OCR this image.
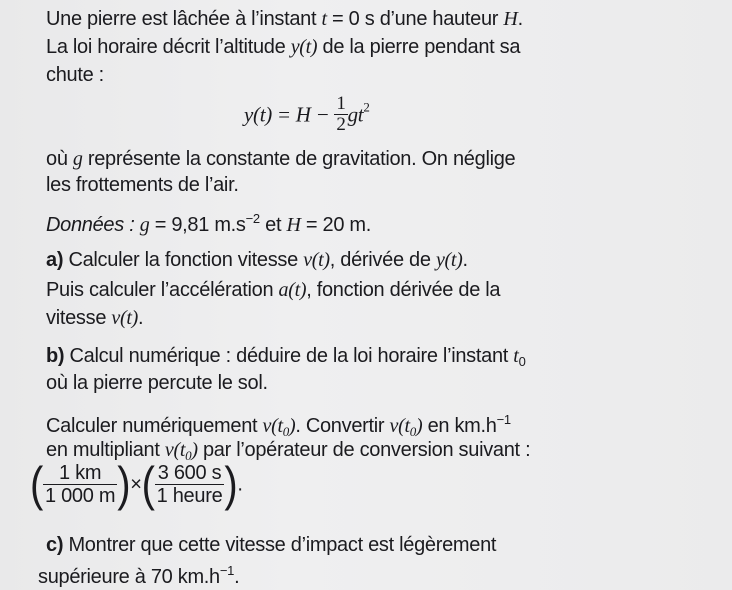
Une pierre est lâchée à l’instant t = 0 s d’une hauteur H.
La loi horaire décrit l’altitude y(t) de la pierre pendant sa
chute :
$y(t) = H - \frac{1}{2} gt^2$
où g représente la constante de gravitation. On néglige
les frottements de l’air.
Données : g = 9,81 $m.s^{-2}$ et H = 20 m.
a) Calculer la fonction vitesse v(t), dérivée de y(t).
Puis calculer l’accélération a(t), fonction dérivée de la
vitesse v(t).
b) Calcul numérique : déduire de la loi horaire l’instant $t_0$
où la pierre percute le sol.
Calculer numériquement $v(t_0)$. Convertir $v(t_0)$ en $km.h^{-1}$
en multipliant $v(t_0)$ par l’opérateur de conversion suivant :
( $\frac{1 km}{1 000 m}$ )×( $\frac{3 600 s}{\text{1 heure}}$ ).
c) Montrer que cette vitesse d’impact est légèrement
supérieure à 70 $km.h^{-1}$.
